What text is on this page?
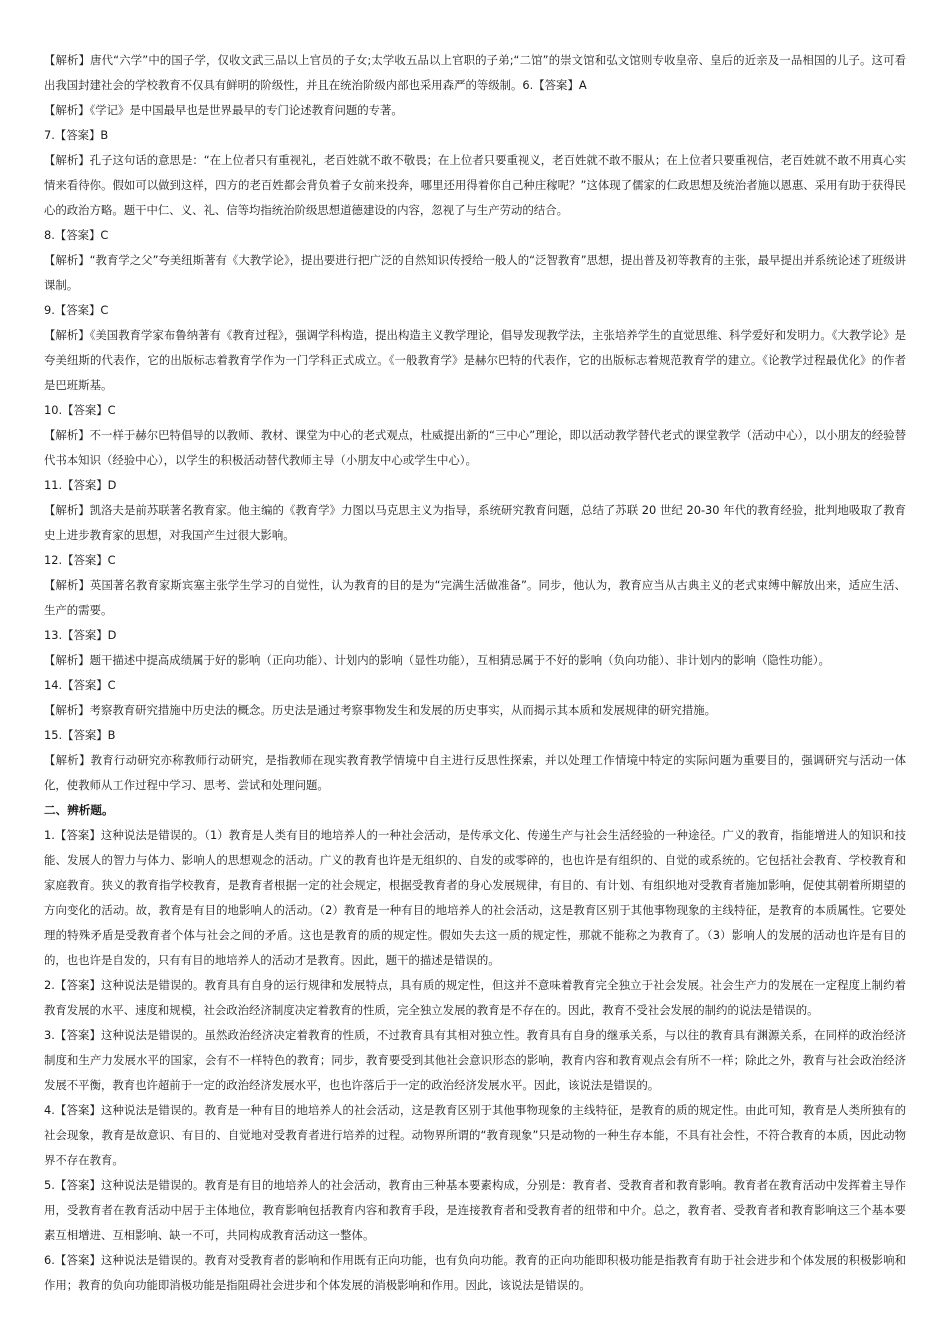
【解析】唐代“六学”中的国子学，仅收文武三品以上官员的子女;太学收五品以上官职的子弟;“二馆”的崇文馆和弘文馆则专收皇帝、皇后的近亲及一品相国的儿子。这可看出我国封建社会的学校教育不仅具有鲜明的阶级性，并且在统治阶级内部也采用森严的等级制。6.【答案】A

【解析】《学记》是中国最早也是世界最早的专门论述教育问题的专著。

7.【答案】B

【解析】孔子这句话的意思是：“在上位者只有重视礼，老百姓就不敢不敬畏；在上位者只要重视义，老百姓就不敢不服从；在上位者只要重视信，老百姓就不敢不用真心实情来看待你。假如可以做到这样，四方的老百姓都会背负着子女前来投奔，哪里还用得着你自己种庄稼呢？”这体现了儒家的仁政思想及统治者施以恩惠、采用有助于获得民心的政治方略。题干中仁、义、礼、信等均指统治阶级思想道德建设的内容，忽视了与生产劳动的结合。

8.【答案】C

【解析】“教育学之父”夸美纽斯著有《大教学论》，提出要进行把广泛的自然知识传授给一般人的“泛智教育”思想，提出普及初等教育的主张，最早提出并系统论述了班级讲课制。

9.【答案】C

【解析】《美国教育学家布鲁纳著有《教育过程》，强调学科构造，提出构造主义教学理论，倡导发现教学法，主张培养学生的直觉思维、科学爱好和发明力。《大教学论》是夸美纽斯的代表作，它的出版标志着教育学作为一门学科正式成立。《一般教育学》是赫尔巴特的代表作，它的出版标志着规范教育学的建立。《论教学过程最优化》的作者是巴班斯基。

10.【答案】C

【解析】不一样于赫尔巴特倡导的以教师、教材、课堂为中心的老式观点，杜威提出新的“三中心”理论，即以活动教学替代老式的课堂教学（活动中心），以小朋友的经验替代书本知识（经验中心），以学生的积极活动替代教师主导（小朋友中心或学生中心）。

11.【答案】D

【解析】凯洛夫是前苏联著名教育家。他主编的《教育学》力图以马克思主义为指导，系统研究教育问题，总结了苏联 20 世纪 20-30 年代的教育经验，批判地吸取了教育史上进步教育家的思想，对我国产生过很大影响。

12.【答案】C

【解析】英国著名教育家斯宾塞主张学生学习的自觉性，认为教育的目的是为“完满生活做准备”。同步，他认为，教育应当从古典主义的老式束缚中解放出来，适应生活、生产的需要。

13.【答案】D

【解析】题干描述中提高成绩属于好的影响（正向功能）、计划内的影响（显性功能），互相猜忌属于不好的影响（负向功能）、非计划内的影响（隐性功能）。

14.【答案】C

【解析】考察教育研究措施中历史法的概念。历史法是通过考察事物发生和发展的历史事实，从而揭示其本质和发展规律的研究措施。

15.【答案】B

【解析】教育行动研究亦称教师行动研究，是指教师在现实教育教学情境中自主进行反思性探索，并以处理工作情境中特定的实际问题为重要目的，强调研究与活动一体化，使教师从工作过程中学习、思考、尝试和处理问题。

二、辨析题。

1.【答案】这种说法是错误的。（1）教育是人类有目的地培养人的一种社会活动，是传承文化、传递生产与社会生活经验的一种途径。广义的教育，指能增进人的知识和技能、发展人的智力与体力、影响人的思想观念的活动。广义的教育也许是无组织的、自发的或零碎的，也也许是有组织的、自觉的或系统的。它包括社会教育、学校教育和家庭教育。狭义的教育指学校教育，是教育者根据一定的社会规定，根据受教育者的身心发展规律，有目的、有计划、有组织地对受教育者施加影响，促使其朝着所期望的方向变化的活动。故，教育是有目的地影响人的活动。（2）教育是一种有目的地培养人的社会活动，这是教育区别于其他事物现象的主线特征，是教育的本质属性。它要处理的特殊矛盾是受教育者个体与社会之间的矛盾。这也是教育的质的规定性。假如失去这一质的规定性，那就不能称之为教育了。（3）影响人的发展的活动也许是有目的的，也也许是自发的，只有有目的地培养人的活动才是教育。因此，题干的描述是错误的。

2.【答案】这种说法是错误的。教育具有自身的运行规律和发展特点，具有质的规定性，但这并不意味着教育完全独立于社会发展。社会生产力的发展在一定程度上制约着教育发展的水平、速度和规模，社会政治经济制度决定着教育的性质，完全独立发展的教育是不存在的。因此，教育不受社会发展的制约的说法是错误的。

3.【答案】这种说法是错误的。虽然政治经济决定着教育的性质，不过教育具有其相对独立性。教育具有自身的继承关系，与以往的教育具有渊源关系，在同样的政治经济制度和生产力发展水平的国家，会有不一样特色的教育；同步，教育要受到其他社会意识形态的影响，教育内容和教育观点会有所不一样；除此之外，教育与社会政治经济发展不平衡，教育也许超前于一定的政治经济发展水平，也也许落后于一定的政治经济发展水平。因此，该说法是错误的。

4.【答案】这种说法是错误的。教育是一种有目的地培养人的社会活动，这是教育区别于其他事物现象的主线特征，是教育的质的规定性。由此可知，教育是人类所独有的社会现象，教育是故意识、有目的、自觉地对受教育者进行培养的过程。动物界所谓的“教育现象”只是动物的一种生存本能，不具有社会性，不符合教育的本质，因此动物界不存在教育。

5.【答案】这种说法是错误的。教育是有目的地培养人的社会活动，教育由三种基本要素构成，分别是：教育者、受教育者和教育影响。教育者在教育活动中发挥着主导作用，受教育者在教育活动中居于主体地位，教育影响包括教育内容和教育手段，是连接教育者和受教育者的纽带和中介。总之，教育者、受教育者和教育影响这三个基本要素互相增进、互相影响、缺一不可，共同构成教育活动这一整体。

6.【答案】这种说法是错误的。教育对受教育者的影响和作用既有正向功能，也有负向功能。教育的正向功能即积极功能是指教育有助于社会进步和个体发展的积极影响和作用；教育的负向功能即消极功能是指阻碍社会进步和个体发展的消极影响和作用。因此，该说法是错误的。
